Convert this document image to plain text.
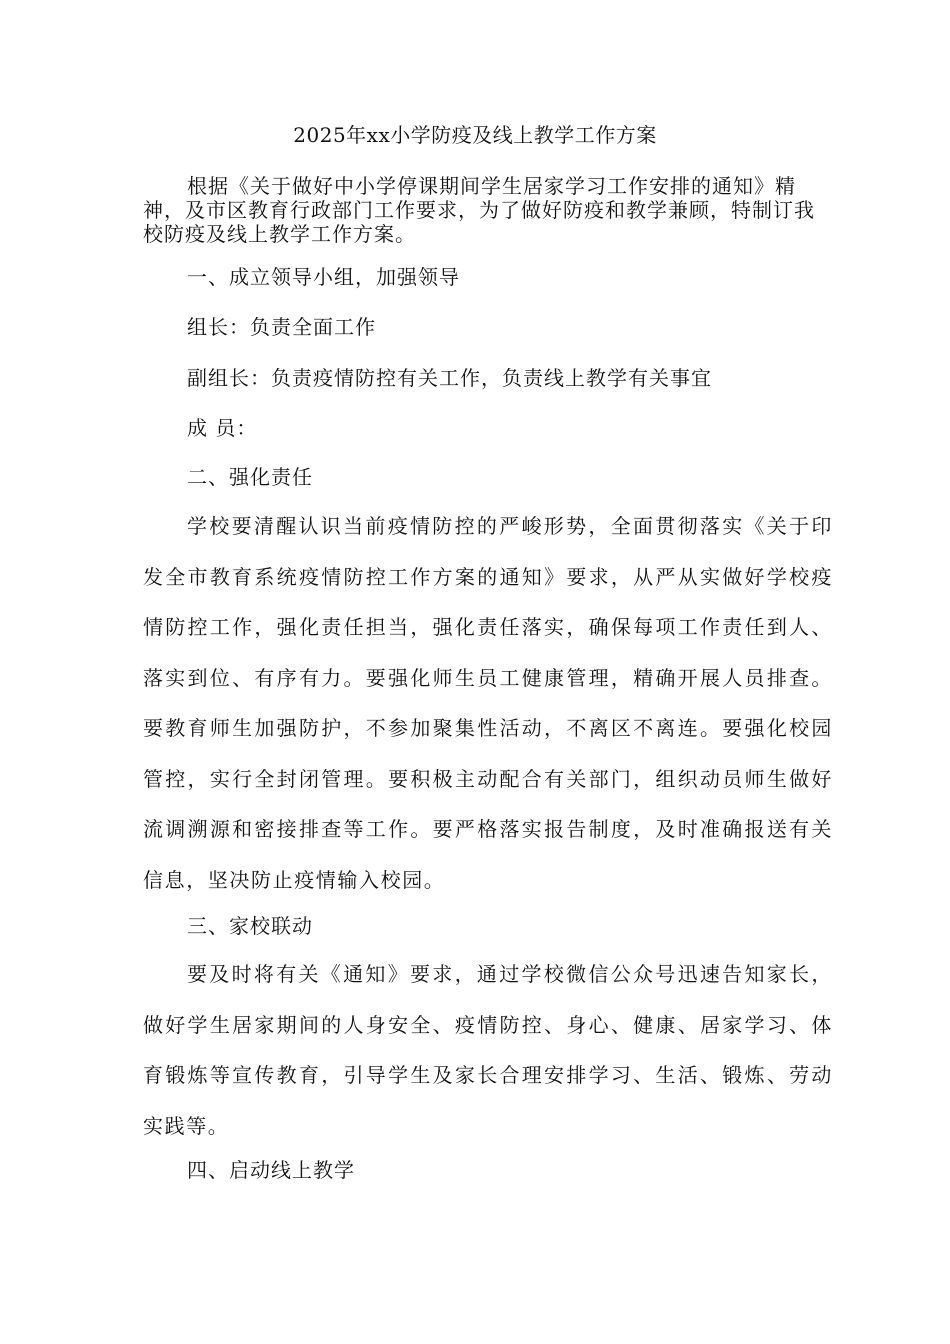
2025年xx小学防疫及线上教学工作方案

根据《关于做好中小学停课期间学生居家学习工作安排的通知》精神，及市区教育行政部门工作要求，为了做好防疫和教学兼顾，特制订我校防疫及线上教学工作方案。

一、成立领导小组，加强领导

组长：负责全面工作

副组长：负责疫情防控有关工作，负责线上教学有关事宜

成 员：

二、强化责任

学校要清醒认识当前疫情防控的严峻形势，全面贯彻落实《关于印发全市教育系统疫情防控工作方案的通知》要求，从严从实做好学校疫情防控工作，强化责任担当，强化责任落实，确保每项工作责任到人、落实到位、有序有力。要强化师生员工健康管理，精确开展人员排查。要教育师生加强防护，不参加聚集性活动，不离区不离连。要强化校园管控，实行全封闭管理。要积极主动配合有关部门，组织动员师生做好流调溯源和密接排查等工作。要严格落实报告制度，及时准确报送有关信息，坚决防止疫情输入校园。

三、家校联动

要及时将有关《通知》要求，通过学校微信公众号迅速告知家长，做好学生居家期间的人身安全、疫情防控、身心、健康、居家学习、体育锻炼等宣传教育，引导学生及家长合理安排学习、生活、锻炼、劳动实践等。

四、启动线上教学
